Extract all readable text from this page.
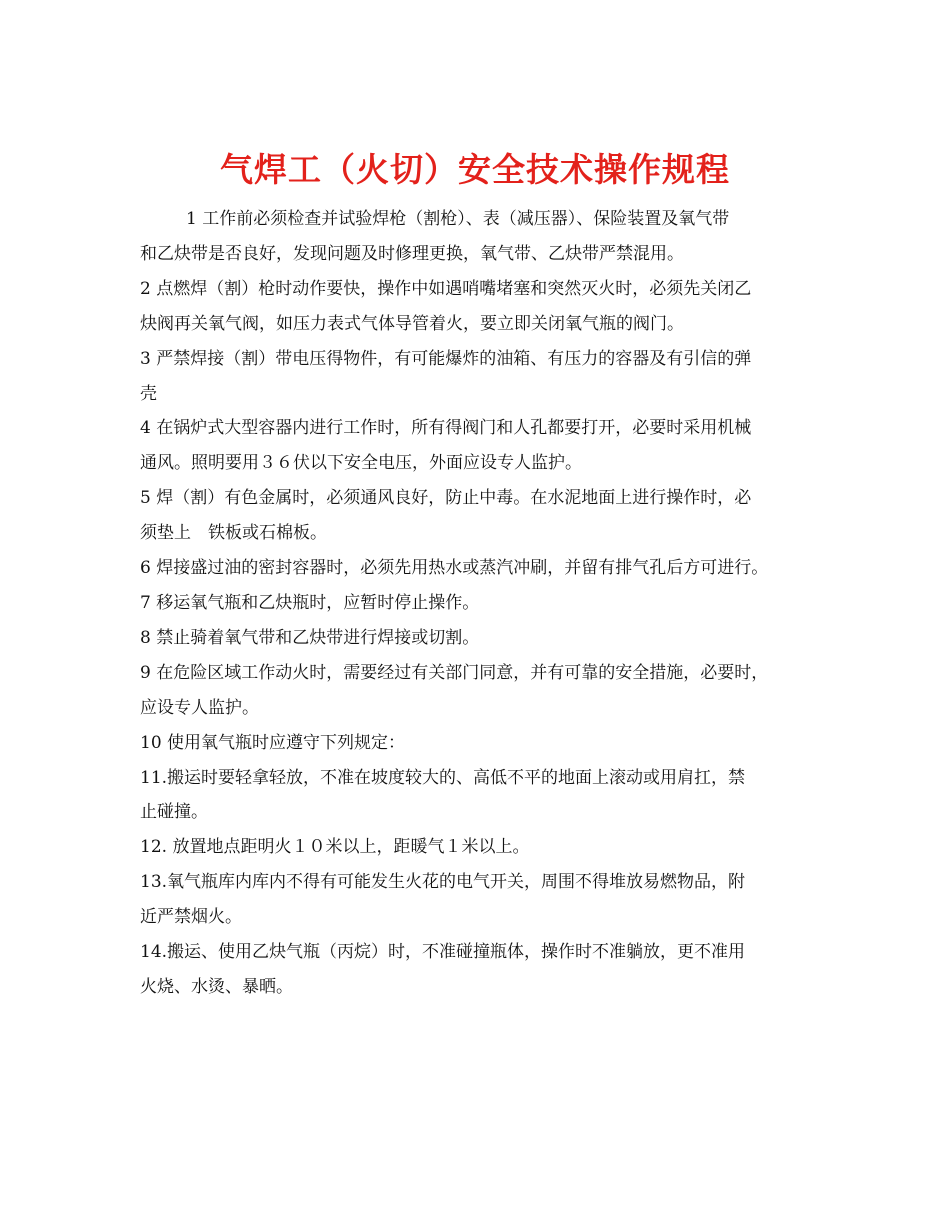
气焊工（火切）安全技术操作规程

1 工作前必须检查并试验焊枪（割枪）、表（减压器）、保险装置及氧气带

和乙炔带是否良好，发现问题及时修理更换，氧气带、乙炔带严禁混用。

2 点燃焊（割）枪时动作要快，操作中如遇哨嘴堵塞和突然灭火时，必须先关闭乙

炔阀再关氧气阀，如压力表式气体导管着火，要立即关闭氧气瓶的阀门。

3 严禁焊接（割）带电压得物件，有可能爆炸的油箱、有压力的容器及有引信的弹

壳

4 在锅炉式大型容器内进行工作时，所有得阀门和人孔都要打开，必要时采用机械

通风。照明要用３６伏以下安全电压，外面应设专人监护。

5 焊（割）有色金属时，必须通风良好，防止中毒。在水泥地面上进行操作时，必

须垫上　铁板或石棉板。

6 焊接盛过油的密封容器时，必须先用热水或蒸汽冲刷，并留有排气孔后方可进行。

7 移运氧气瓶和乙炔瓶时，应暂时停止操作。

8 禁止骑着氧气带和乙炔带进行焊接或切割。

9 在危险区域工作动火时，需要经过有关部门同意，并有可靠的安全措施，必要时，

应设专人监护。

10 使用氧气瓶时应遵守下列规定：

11.搬运时要轻拿轻放，不准在坡度较大的、高低不平的地面上滚动或用肩扛，禁

止碰撞。

12. 放置地点距明火１０米以上，距暖气１米以上。

13.氧气瓶库内库内不得有可能发生火花的电气开关，周围不得堆放易燃物品，附

近严禁烟火。

14.搬运、使用乙炔气瓶（丙烷）时，不准碰撞瓶体，操作时不准躺放，更不准用

火烧、水烫、暴晒。
